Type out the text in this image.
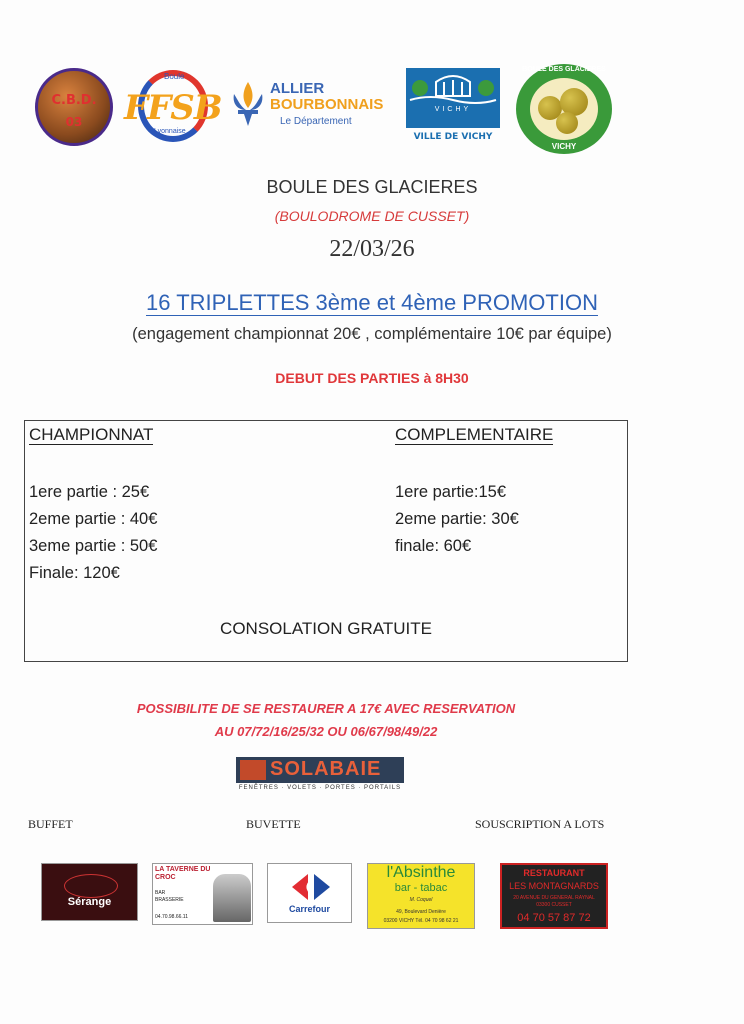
C.B.D.
03
Boule
FFSB
Lyonnaise
ALLIER
BOURBONNAIS
Le Département
VICHY
VILLE DE VICHY
BOULE DES GLACIERES
VICHY
BOULE DES GLACIERES
(BOULODROME DE CUSSET)
22/03/26
16 TRIPLETTES 3ème et 4ème PROMOTION
(engagement championnat 20€ , complémentaire 10€ par équipe)
DEBUT DES PARTIES à 8H30
CHAMPIONNAT
1ere partie : 25€
2eme partie : 40€
3eme partie : 50€
Finale: 120€
COMPLEMENTAIRE
1ere partie:15€
2eme partie: 30€
finale: 60€
CONSOLATION GRATUITE
POSSIBILITE DE SE RESTAURER A 17€ AVEC RESERVATION
AU 07/72/16/25/32 OU 06/67/98/49/22
SOLABAIE
FENÊTRES · VOLETS · PORTES · PORTAILS
BUFFET	BUVETTE	SOUSCRIPTION A LOTS
Sérange
LA TAVERNE DU CROC
BAR BRASSERIE
04.70.98.66.11
Carrefour
l'Absinthe
bar - tabac
M. Coquel
49, Boulevard Denière
03200 VICHY Tél. 04 70 98 62 21
RESTAURANT
LES MONTAGNARDS
20 AVENUE DU GENERAL RAYNAL
03300 CUSSET
04 70 57 87 72
